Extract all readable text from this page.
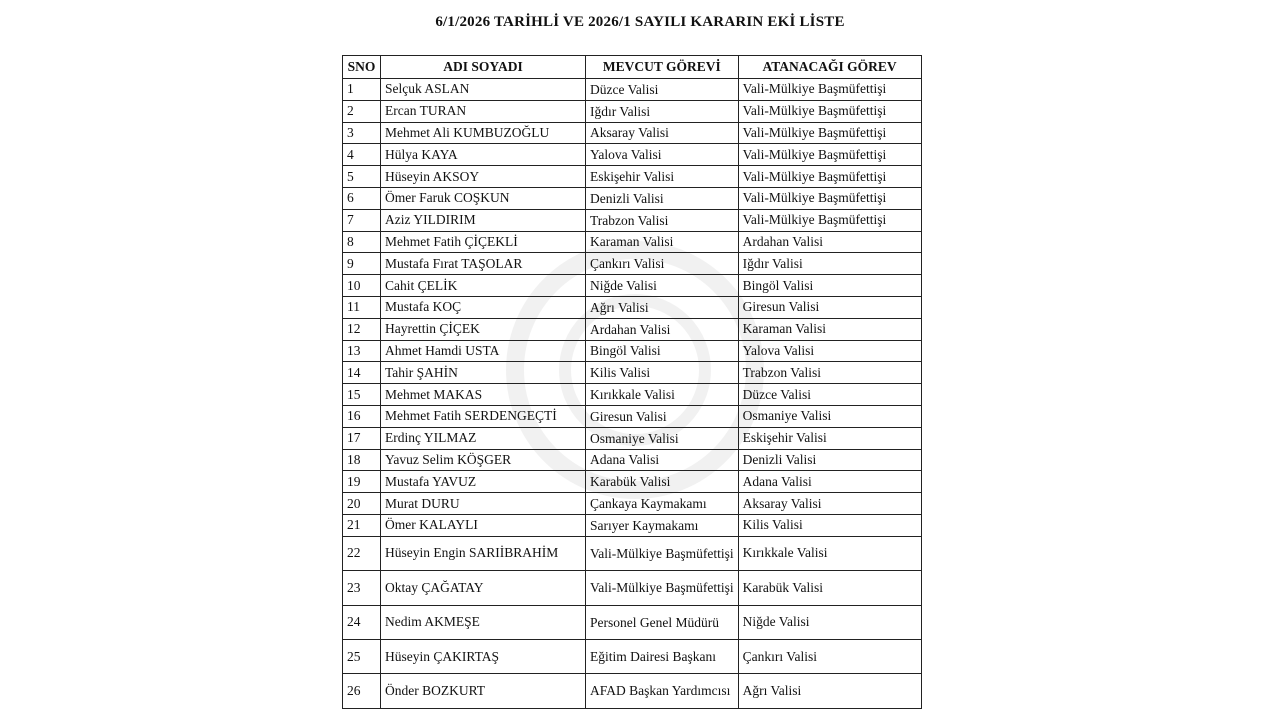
6/1/2026 TARİHLİ VE 2026/1 SAYILI KARARIN EKİ LİSTE
SNO	ADI SOYADI	MEVCUT GÖREVİ	ATANACAĞI GÖREV
1	Selçuk ASLAN	Düzce Valisi	Vali-Mülkiye Başmüfettişi
2	Ercan TURAN	Iğdır Valisi	Vali-Mülkiye Başmüfettişi
3	Mehmet Ali KUMBUZOĞLU	Aksaray Valisi	Vali-Mülkiye Başmüfettişi
4	Hülya KAYA	Yalova Valisi	Vali-Mülkiye Başmüfettişi
5	Hüseyin AKSOY	Eskişehir Valisi	Vali-Mülkiye Başmüfettişi
6	Ömer Faruk COŞKUN	Denizli Valisi	Vali-Mülkiye Başmüfettişi
7	Aziz YILDIRIM	Trabzon Valisi	Vali-Mülkiye Başmüfettişi
8	Mehmet Fatih ÇİÇEKLİ	Karaman Valisi	Ardahan Valisi
9	Mustafa Fırat TAŞOLAR	Çankırı Valisi	Iğdır Valisi
10	Cahit ÇELİK	Niğde Valisi	Bingöl Valisi
11	Mustafa KOÇ	Ağrı Valisi	Giresun Valisi
12	Hayrettin ÇİÇEK	Ardahan Valisi	Karaman Valisi
13	Ahmet Hamdi USTA	Bingöl Valisi	Yalova Valisi
14	Tahir ŞAHİN	Kilis Valisi	Trabzon Valisi
15	Mehmet MAKAS	Kırıkkale Valisi	Düzce Valisi
16	Mehmet Fatih SERDENGEÇTİ	Giresun Valisi	Osmaniye Valisi
17	Erdinç YILMAZ	Osmaniye Valisi	Eskişehir Valisi
18	Yavuz Selim KÖŞGER	Adana Valisi	Denizli Valisi
19	Mustafa YAVUZ	Karabük Valisi	Adana Valisi
20	Murat DURU	Çankaya Kaymakamı	Aksaray Valisi
21	Ömer KALAYLI	Sarıyer Kaymakamı	Kilis Valisi
22	Hüseyin Engin SARIİBRAHİM	Vali-Mülkiye Başmüfettişi	Kırıkkale Valisi
23	Oktay ÇAĞATAY	Vali-Mülkiye Başmüfettişi	Karabük Valisi
24	Nedim AKMEŞE	Personel Genel Müdürü	Niğde Valisi
25	Hüseyin ÇAKIRTAŞ	Eğitim Dairesi Başkanı	Çankırı Valisi
26	Önder BOZKURT	AFAD Başkan Yardımcısı	Ağrı Valisi
